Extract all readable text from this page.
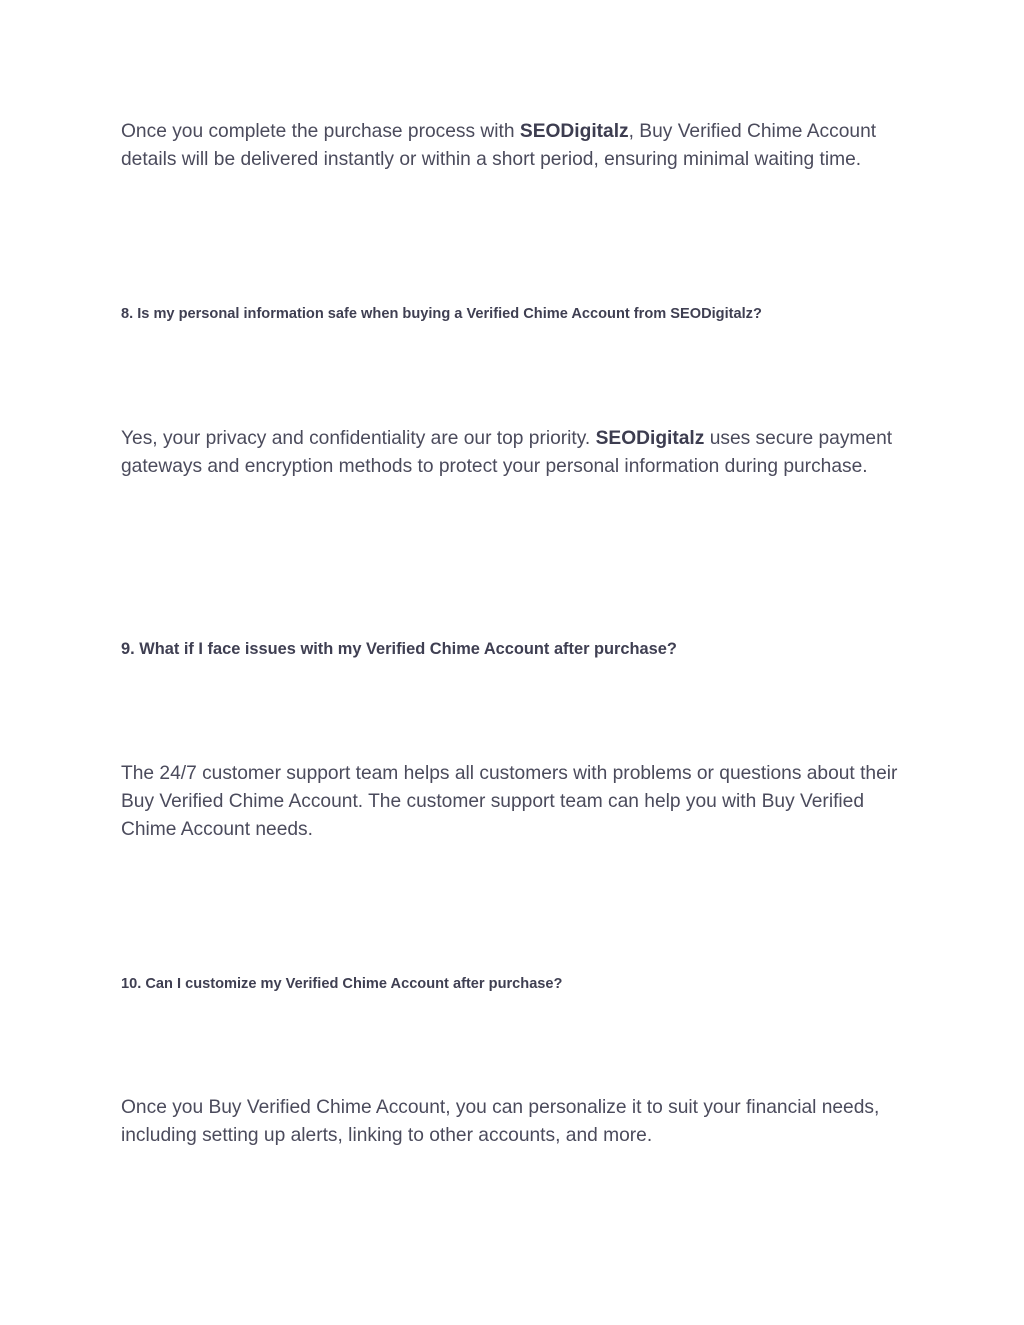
Once you complete the purchase process with SEODigitalz, Buy Verified Chime Account details will be delivered instantly or within a short period, ensuring minimal waiting time.

8. Is my personal information safe when buying a Verified Chime Account from SEODigitalz?

Yes, your privacy and confidentiality are our top priority. SEODigitalz uses secure payment gateways and encryption methods to protect your personal information during purchase.

9. What if I face issues with my Verified Chime Account after purchase?

The 24/7 customer support team helps all customers with problems or questions about their Buy Verified Chime Account. The customer support team can help you with Buy Verified Chime Account needs.

10. Can I customize my Verified Chime Account after purchase?

Once you Buy Verified Chime Account, you can personalize it to suit your financial needs, including setting up alerts, linking to other accounts, and more.
